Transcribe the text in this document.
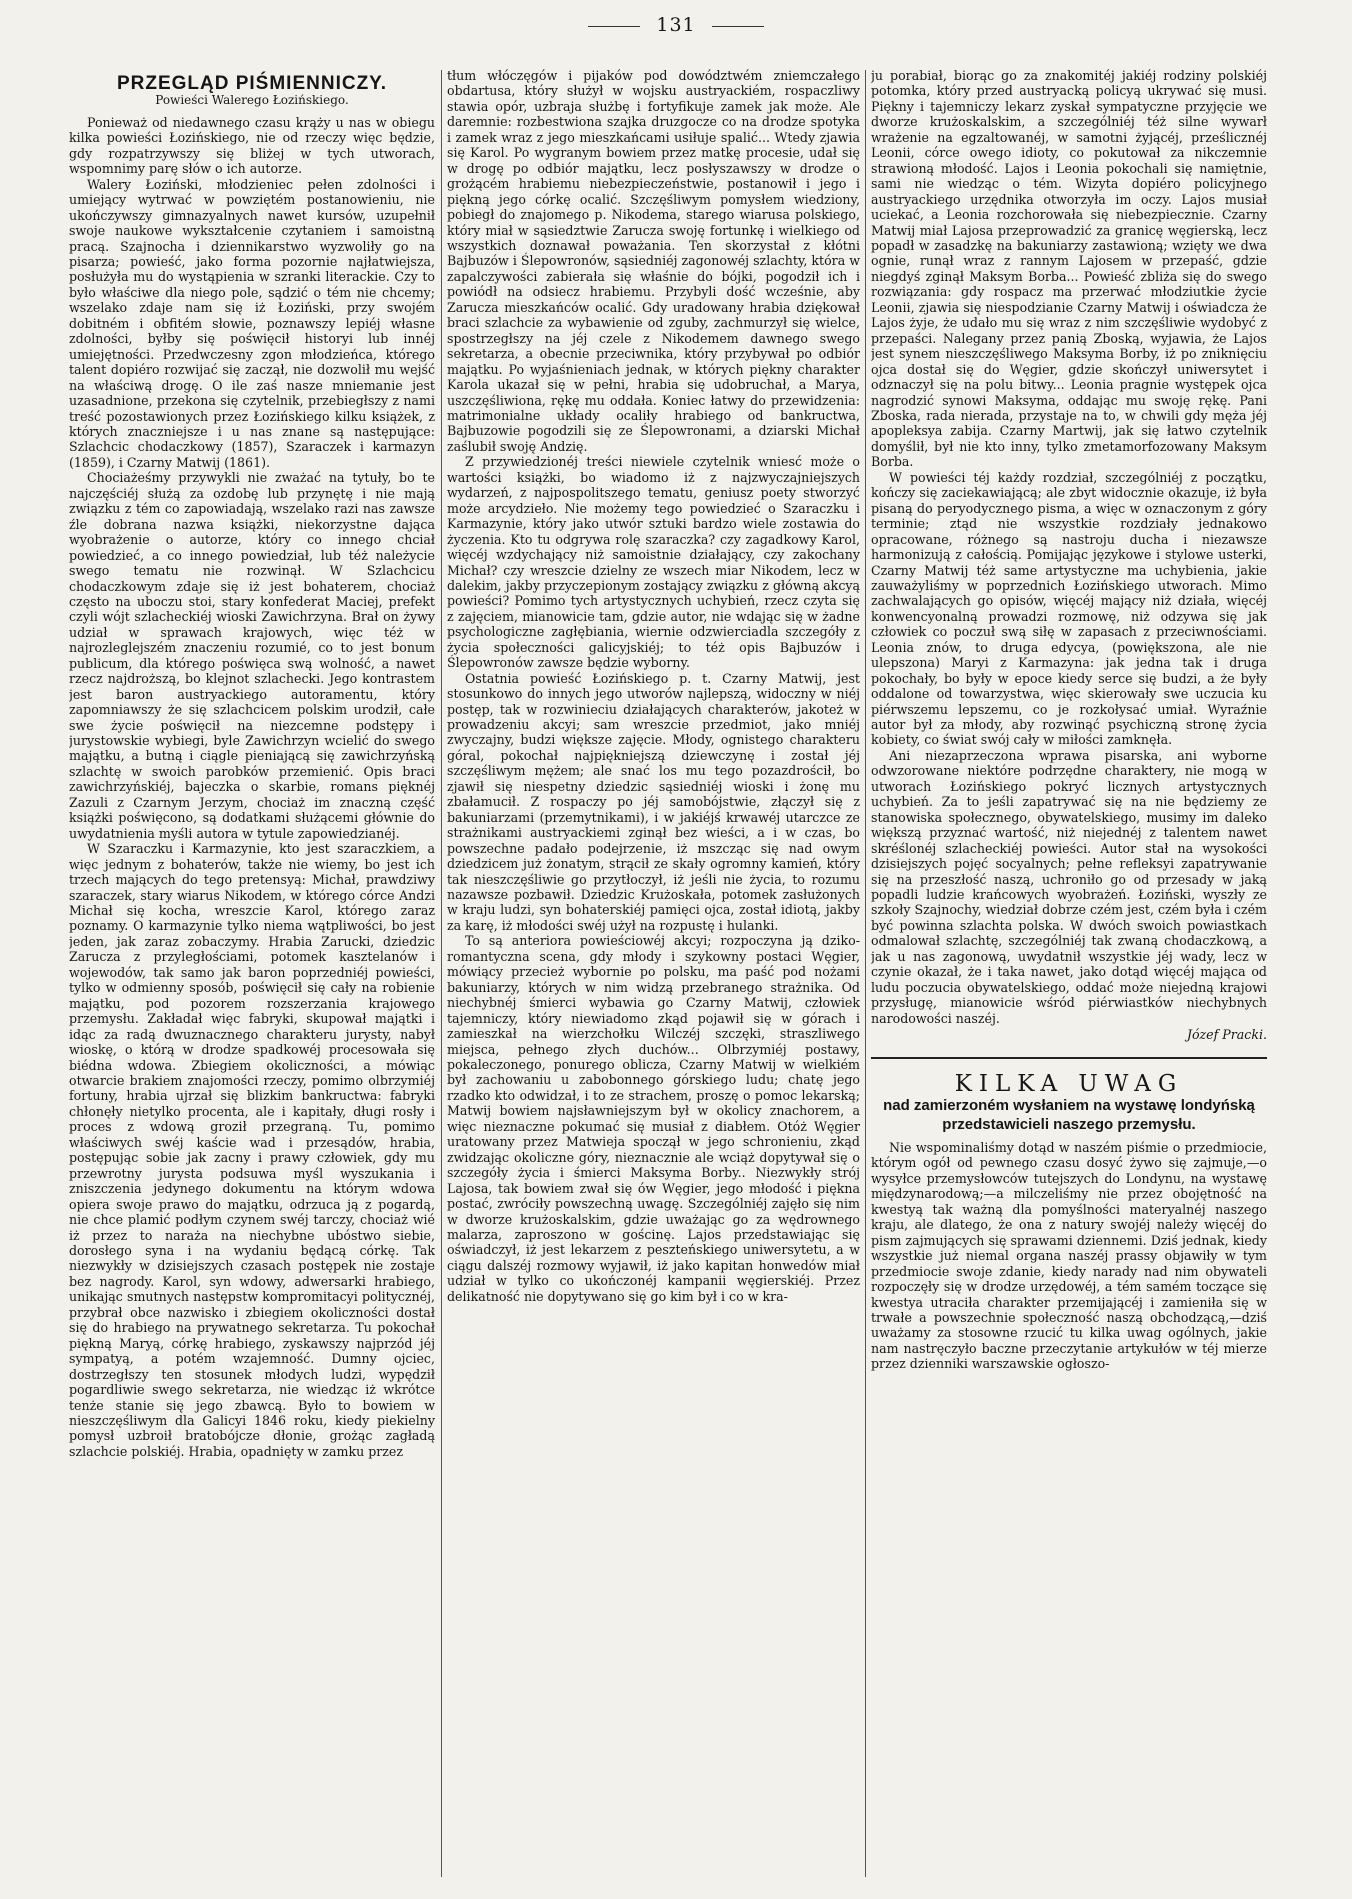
131
PRZEGLĄD PIŚMIENNICZY.
Powieści Walerego Łozińskiego.

Ponieważ od niedawnego czasu krąży u nas w obiegu kilka powieści Łozińskiego, nie od rzeczy więc będzie, gdy rozpatrzywszy się bliżej w tych utworach, wspomnimy parę słów o ich autorze.

Walery Łoziński, młodzieniec pełen zdolności i umiejący wytrwać w powziętém postanowieniu, nie ukończywszy gimnazyalnych nawet kursów, uzupełnił swoje naukowe wykształcenie czytaniem i samoistną pracą. Szajnocha i dziennikarstwo wyzwoliły go na pisarza; powieść, jako forma pozornie najłatwiejsza, posłużyła mu do wystąpienia w szranki literackie. Czy to było właściwe dla niego pole, sądzić o tém nie chcemy; wszelako zdaje nam się iż Łoziński, przy swojém dobitném i obfitém słowie, poznawszy lepiéj własne zdolności, byłby się poświęcił historyi lub innéj umiejętności. Przedwczesny zgon młodzieńca, którego talent dopiéro rozwijać się zaczął, nie dozwolił mu wejść na właściwą drogę. O ile zaś nasze mniemanie jest uzasadnione, przekona się czytelnik, przebiegłszy z nami treść pozostawionych przez Łozińskiego kilku książek, z których znaczniejsze i u nas znane są następujące: Szlachcic chodaczkowy (1857), Szaraczek i karmazyn (1859), i Czarny Matwij (1861).

Chociażeśmy przywykli nie zważać na tytuły, bo te najczęściéj służą za ozdobę lub przynętę i nie mają związku z tém co zapowiadają, wszelako razi nas zawsze źle dobrana nazwa książki, niekorzystne dająca wyobrażenie o autorze, który co innego chciał powiedzieć, a co innego powiedział, lub téż należycie swego tematu nie rozwinął. W Szlachcicu chodaczkowym zdaje się iż jest bohaterem, chociaż często na uboczu stoi, stary konfederat Maciej, prefekt czyli wójt szlacheckiéj wioski Zawichrzyna. Brał on żywy udział w sprawach krajowych, więc téż w najrozleglejszém znaczeniu rozumié, co to jest bonum publicum, dla którego poświęca swą wolność, a nawet rzecz najdroższą, bo klejnot szlachecki. Jego kontrastem jest baron austryackiego autoramentu, który zapomniawszy że się szlachcicem polskim urodził, całe swe życie poświęcił na niezcemne podstępy i jurystowskie wybiegi, byle Zawichrzyn wcielić do swego majątku, a butną i ciągle pieniającą się zawichrzyńską szlachtę w swoich parobków przemienić. Opis braci zawichrzyńskiéj, bajeczka o skarbie, romans pięknéj Zazuli z Czarnym Jerzym, chociaż im znaczną część książki poświęcono, są dodatkami służącemi głównie do uwydatnienia myśli autora w tytule zapowiedzianéj.

W Szaraczku i Karmazynie, kto jest szaraczkiem, a więc jednym z bohaterów, także nie wiemy, bo jest ich trzech mających do tego pretensyą: Michał, prawdziwy szaraczek, stary wiarus Nikodem, w którego córce Andzi Michał się kocha, wreszcie Karol, którego zaraz poznamy. O karmazynie tylko niema wątpliwości, bo jest jeden, jak zaraz zobaczymy. Hrabia Zarucki, dziedzic Zarucza z przyległościami, potomek kasztelanów i wojewodów, tak samo jak baron poprzedniéj powieści, tylko w odmienny sposób, poświęcił się cały na robienie majątku, pod pozorem rozszerzania krajowego przemysłu. Zakładał więc fabryki, skupował majątki i idąc za radą dwuznacznego charakteru jurysty, nabył wioskę, o którą w drodze spadkowéj procesowała się biédna wdowa. Zbiegiem okoliczności, a mówiąc otwarcie brakiem znajomości rzeczy, pomimo olbrzymiéj fortuny, hrabia ujrzał się blizkim bankructwa: fabryki chłonęły nietylko procenta, ale i kapitały, długi rosły i proces z wdową groził przegraną. Tu, pomimo właściwych swéj kaście wad i przesądów, hrabia, postępując sobie jak zacny i prawy człowiek, gdy mu przewrotny jurysta podsuwa myśl wyszukania i zniszczenia jedynego dokumentu na którym wdowa opiera swoje prawo do majątku, odrzuca ją z pogardą, nie chce plamić podłym czynem swéj tarczy, chociaż wié iż przez to naraża na niechybne ubóstwo siebie, dorosłego syna i na wydaniu będącą córkę. Tak niezwykły w dzisiejszych czasach postępek nie zostaje bez nagrody. Karol, syn wdowy, adwersarki hrabiego, unikając smutnych następstw kompromitacyi politycznéj, przybrał obce nazwisko i zbiegiem okoliczności dostał się do hrabiego na prywatnego sekretarza. Tu pokochał piękną Maryą, córkę hrabiego, zyskawszy najprzód jéj sympatyą, a potém wzajemność. Dumny ojciec, dostrzegłszy ten stosunek młodych ludzi, wypędził pogardliwie swego sekretarza, nie wiedząc iż wkrótce tenże stanie się jego zbawcą. Było to bowiem w nieszczęśliwym dla Galicyi 1846 roku, kiedy piekielny pomysł uzbroił bratobójcze dłonie, grożąc zagładą szlachcie polskiéj. Hrabia, opadnięty w zamku przez

tłum włóczęgów i pijaków pod dowództwém zniemczałego obdartusa, który służył w wojsku austryackiém, rospaczliwy stawia opór, uzbraja służbę i fortyfikuje zamek jak może. Ale daremnie: rozbestwiona szajka druzgocze co na drodze spotyka i zamek wraz z jego mieszkańcami usiłuje spalić... Wtedy zjawia się Karol. Po wygranym bowiem przez matkę procesie, udał się w drogę po odbiór majątku, lecz posłyszawszy w drodze o grożącém hrabiemu niebezpieczeństwie, postanowił i jego i piękną jego córkę ocalić. Szczęśliwym pomysłem wiedziony, pobiegł do znajomego p. Nikodema, starego wiarusa polskiego, który miał w sąsiedztwie Zarucza swoję fortunkę i wielkiego od wszystkich doznawał poważania. Ten skorzystał z kłótni Bajbuzów i Ślepowronów, sąsiedniéj zagonowéj szlachty, która w zapalczywości zabierała się właśnie do bójki, pogodził ich i powiódł na odsiecz hrabiemu. Przybyli dość wcześnie, aby Zarucza mieszkańców ocalić. Gdy uradowany hrabia dziękował braci szlachcie za wybawienie od zguby, zachmurzył się wielce, spostrzegłszy na jéj czele z Nikodemem dawnego swego sekretarza, a obecnie przeciwnika, który przybywał po odbiór majątku. Po wyjaśnieniach jednak, w których piękny charakter Karola ukazał się w pełni, hrabia się udobruchał, a Marya, uszczęśliwiona, rękę mu oddała. Koniec łatwy do przewidzenia: matrimonialne układy ocaliły hrabiego od bankructwa, Bajbuzowie pogodzili się ze Ślepowronami, a dziarski Michał zaślubił swoję Andzię.

Z przywiedzionéj treści niewiele czytelnik wniesć może o wartości książki, bo wiadomo iż z najzwyczajniejszych wydarzeń, z najpospolitszego tematu, geniusz poety stworzyć może arcydzieło. Nie możemy tego powiedzieć o Szaraczku i Karmazynie, który jako utwór sztuki bardzo wiele zostawia do życzenia. Kto tu odgrywa rolę szaraczka? czy zagadkowy Karol, więcéj wzdychający niż samoistnie działający, czy zakochany Michał? czy wreszcie dzielny ze wszech miar Nikodem, lecz w dalekim, jakby przyczepionym zostający związku z główną akcyą powieści? Pomimo tych artystycznych uchybień, rzecz czyta się z zajęciem, mianowicie tam, gdzie autor, nie wdając się w żadne psychologiczne zagłębiania, wiernie odzwierciadla szczegóły z życia społeczności galicyjskiéj; to téż opis Bajbuzów i Ślepowronów zawsze będzie wyborny.

Ostatnia powieść Łozińskiego p. t. Czarny Matwij, jest stosunkowo do innych jego utworów najlepszą, widoczny w niéj postęp, tak w rozwinieciu działających charakterów, jakoteż w prowadzeniu akcyi; sam wreszcie przedmiot, jako mniéj zwyczajny, budzi większe zajęcie. Młody, ognistego charakteru góral, pokochał najpiękniejszą dziewczynę i został jéj szczęśliwym mężem; ale snać los mu tego pozazdrościł, bo zjawił się niespetny dziedzic sąsiedniéj wioski i żonę mu zbałamucił. Z rospaczy po jéj samobójstwie, złączył się z bakuniarzami (przemytnikami), i w jakiéjś krwawéj utarczce ze strażnikami austryackiemi zginął bez wieści, a i w czas, bo powszechne padało podejrzenie, iż mszcząc się nad owym dziedzicem już żonatym, strącił ze skały ogromny kamień, który tak nieszczęśliwie go przytłoczył, iż jeśli nie życia, to rozumu nazawsze pozbawił. Dziedzic Krużoskała, potomek zasłużonych w kraju ludzi, syn bohaterskiéj pamięci ojca, został idiotą, jakby za karę, iż młodości swéj użył na rozpustę i hulanki.

To są anteriora powieściowéj akcyi; rozpoczyna ją dziko-romantyczna scena, gdy młody i szykowny postaci Węgier, mówiący przecież wybornie po polsku, ma paść pod nożami bakuniarzy, których w nim widzą przebranego strażnika. Od niechybnéj śmierci wybawia go Czarny Matwij, człowiek tajemniczy, który niewiadomo zkąd pojawił się w górach i zamieszkał na wierzchołku Wilczéj szczęki, straszliwego miejsca, pełnego złych duchów... Olbrzymiéj postawy, pokaleczonego, ponurego oblicza, Czarny Matwij w wielkiém był zachowaniu u zabobonnego górskiego ludu; chatę jego rzadko kto odwidzał, i to ze strachem, proszę o pomoc lekarską; Matwij bowiem najsławniejszym był w okolicy znachorem, a więc nieznaczne pokumać się musiał z diabłem. Otóż Węgier uratowany przez Matwieja spoczął w jego schronieniu, zkąd zwidzając okoliczne góry, nieznacznie ale wciąż dopytywał się o szczegóły życia i śmierci Maksyma Borby.. Niezwykły strój Lajosa, tak bowiem zwał się ów Węgier, jego młodość i piękna postać, zwróciły powszechną uwagę. Szczególniéj zajęło się nim w dworze krużoskalskim, gdzie uważając go za wędrownego malarza, zaproszono w gościnę. Lajos przedstawiając się oświadczył, iż jest lekarzem z peszteńskiego uniwersytetu, a w ciągu dalszéj rozmowy wyjawił, iż jako kapitan honwedów miał udział w tylko co ukończonéj kampanii węgierskiéj. Przez delikatność nie dopytywano się go kim był i co w kra-

ju porabiał, biorąc go za znakomitéj jakiéj rodziny polskiéj potomka, który przed austryacką policyą ukrywać się musi. Piękny i tajemniczy lekarz zyskał sympatyczne przyjęcie we dworze krużoskalskim, a szczególniéj téż silne wywarł wrażenie na egzaltowanéj, w samotni żyjącéj, prześlicznéj Leonii, córce owego idioty, co pokutował za nikczemnie strawioną młodość. Lajos i Leonia pokochali się namiętnie, sami nie wiedząc o tém. Wizyta dopiéro policyjnego austryackiego urzędnika otworzyła im oczy. Lajos musiał uciekać, a Leonia rozchorowała się niebezpiecznie. Czarny Matwij miał Lajosa przeprowadzić za granicę węgierską, lecz popadł w zasadzkę na bakuniarzy zastawioną; wzięty we dwa ognie, runął wraz z rannym Lajosem w przepaść, gdzie niegdyś zginął Maksym Borba... Powieść zbliża się do swego rozwiązania: gdy rospacz ma przerwać młodziutkie życie Leonii, zjawia się niespodzianie Czarny Matwij i oświadcza że Lajos żyje, że udało mu się wraz z nim szczęśliwie wydobyć z przepaści. Nalegany przez panią Zboską, wyjawia, że Lajos jest synem nieszczęśliwego Maksyma Borby, iż po zniknięciu ojca dostał się do Węgier, gdzie skończył uniwersytet i odznaczył się na polu bitwy... Leonia pragnie występek ojca nagrodzić synowi Maksyma, oddając mu swoję rękę. Pani Zboska, rada nierada, przystaje na to, w chwili gdy męża jéj apopleksya zabija. Czarny Martwij, jak się łatwo czytelnik domyślił, był nie kto inny, tylko zmetamorfozowany Maksym Borba.

W powieści téj każdy rozdział, szczególniéj z początku, kończy się zaciekawiającą; ale zbyt widocznie okazuje, iż była pisaną do peryodycznego pisma, a więc w oznaczonym z góry terminie; ztąd nie wszystkie rozdziały jednakowo opracowane, różnego są nastroju ducha i niezawsze harmonizują z całością. Pomijając językowe i stylowe usterki, Czarny Matwij téż same artystyczne ma uchybienia, jakie zauważyliśmy w poprzednich Łozińskiego utworach. Mimo zachwalających go opisów, więcéj mający niż działa, więcéj konwencyonalną prowadzi rozmowę, niż odzywa się jak człowiek co poczuł swą siłę w zapasach z przeciwnościami. Leonia znów, to druga edycya, (powiększona, ale nie ulepszona) Maryi z Karmazyna: jak jedna tak i druga pokochały, bo były w epoce kiedy serce się budzi, a że były oddalone od towarzystwa, więc skierowały swe uczucia ku piérwszemu lepszemu, co je rozkołysać umiał. Wyraźnie autor był za młody, aby rozwinąć psychiczną stronę życia kobiety, co świat swój cały w miłości zamknęła.

Ani niezaprzeczona wprawa pisarska, ani wyborne odwzorowane niektóre podrzędne charaktery, nie mogą w utworach Łozińskiego pokryć licznych artystycznych uchybień. Za to jeśli zapatrywać się na nie będziemy ze stanowiska społecznego, obywatelskiego, musimy im daleko większą przyznać wartość, niż niejednéj z talentem nawet skréślonéj szlacheckiéj powieści. Autor stał na wysokości dzisiejszych pojęć socyalnych; pełne refleksyi zapatrywanie się na przeszłość naszą, uchroniło go od przesady w jaką popadli ludzie krańcowych wyobrażeń. Łoziński, wyszły ze szkoły Szajnochy, wiedział dobrze czém jest, czém była i czém być powinna szlachta polska. W dwóch swoich powiastkach odmalował szlachtę, szczególniéj tak zwaną chodaczkową, a jak u nas zagonową, uwydatnił wszystkie jéj wady, lecz w czynie okazał, że i taka nawet, jako dotąd więcéj mająca od ludu poczucia obywatelskiego, oddać może niejedną krajowi przysługę, mianowicie wśród piérwiastków niechybnych narodowości naszéj.

Józef Pracki.
KILKA UWAG
nad zamierzoném wysłaniem na wystawę londyńską przedstawicieli naszego przemysłu.

Nie wspominaliśmy dotąd w naszém piśmie o przedmiocie, którym ogół od pewnego czasu dosyć żywo się zajmuje,—o wysyłce przemysłowców tutejszych do Londynu, na wystawę międzynarodową;—a milczeliśmy nie przez obojętność na kwestyą tak ważną dla pomyślności materyalnéj naszego kraju, ale dlatego, że ona z natury swojéj należy więcéj do pism zajmujących się sprawami dziennemi. Dziś jednak, kiedy wszystkie już niemal organa naszéj prassy objawiły w tym przedmiocie swoje zdanie, kiedy narady nad nim obywateli rozpoczęły się w drodze urzędowéj, a tém samém toczące się kwestya utraciła charakter przemijającéj i zamieniła się w trwałe a powszechnie społeczność naszą obchodzącą,—dziś uważamy za stosowne rzucić tu kilka uwag ogólnych, jakie nam nastręczyło baczne przeczytanie artykułów w téj mierze przez dzienniki warszawskie ogłoszo-
